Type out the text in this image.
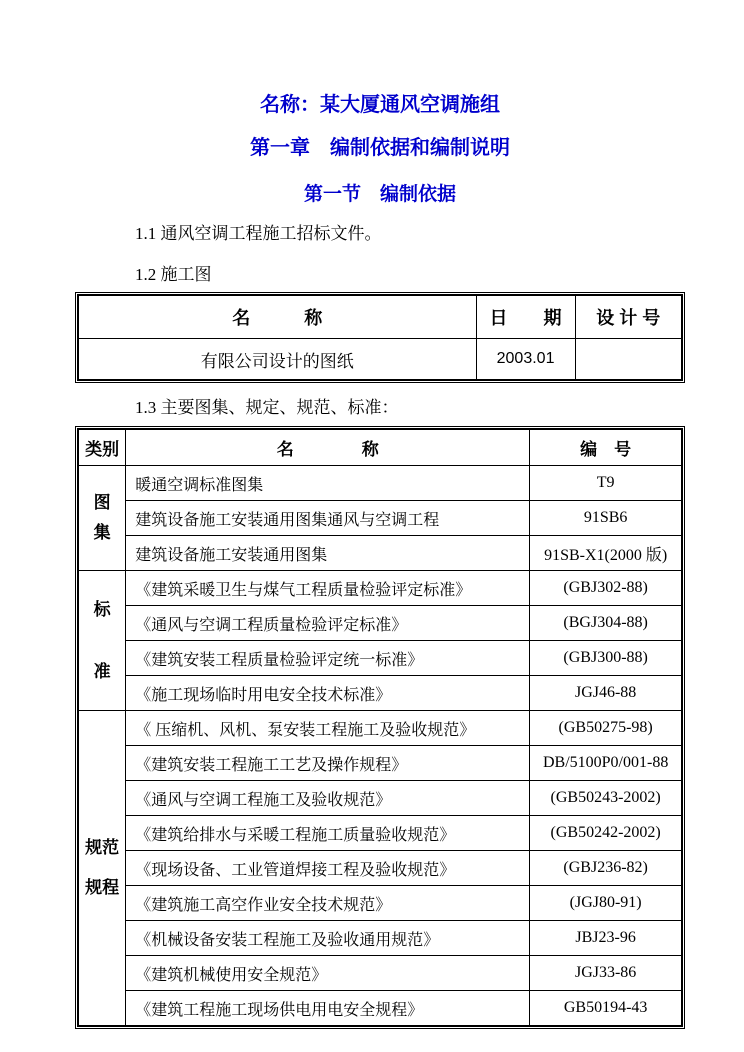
名称：某大厦通风空调施组
第一章　编制依据和编制说明
第一节　编制依据

1.1 通风空调工程施工招标文件。

1.2 施工图

名　　　称	日　　期	设 计 号
有限公司设计的图纸	2003.01	

1.3 主要图集、规定、规范、标准：

类别	名　　　　称	编　号

图
集	暖通空调标准图集	T9
	建筑设备施工安装通用图集通风与空调工程	91SB6
	建筑设备施工安装通用图集	91SB-X1(2000 版)

标
准	《建筑采暖卫生与煤气工程质量检验评定标准》	(GBJ302-88)
	《通风与空调工程质量检验评定标准》	(BGJ304-88)
	《建筑安装工程质量检验评定统一标准》	(GBJ300-88)
	《施工现场临时用电安全技术标准》	JGJ46-88

规范
规程	《 压缩机、风机、泵安装工程施工及验收规范》	(GB50275-98)
	《建筑安装工程施工工艺及操作规程》	DB/5100P0/001-88
	《通风与空调工程施工及验收规范》	(GB50243-2002)
	《建筑给排水与采暖工程施工质量验收规范》	(GB50242-2002)
	《现场设备、工业管道焊接工程及验收规范》	(GBJ236-82)
	《建筑施工高空作业安全技术规范》	(JGJ80-91)
	《机械设备安装工程施工及验收通用规范》	JBJ23-96
	《建筑机械使用安全规范》	JGJ33-86
	《建筑工程施工现场供电用电安全规程》	GB50194-43
